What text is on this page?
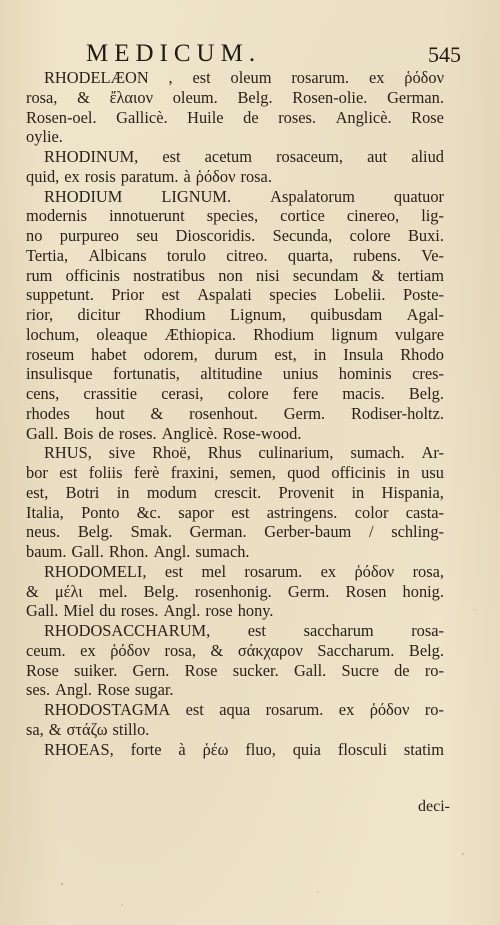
MEDICUM.	545
RHODELÆON , est oleum rosarum. ex ῥόδον
rosa, & ἔλαιον oleum. Belg. Rosen-olie. German.
Rosen-oel. Gallicè. Huile de roses. Anglicè. Rose
oylie.
RHODINUM, est acetum rosaceum, aut aliud
quid, ex rosis paratum. à ῥόδον rosa.
RHODIUM LIGNUM. Aspalatorum quatuor
modernis innotuerunt species, cortice cinereo, lig-
no purpureo seu Dioscoridis. Secunda, colore Buxi.
Tertia, Albicans torulo citreo. quarta, rubens. Ve-
rum officinis nostratibus non nisi secundam & tertiam
suppetunt. Prior est Aspalati species Lobelii. Poste-
rior, dicitur Rhodium Lignum, quibusdam Agal-
lochum, oleaque Æthiopica. Rhodium lignum vulgare
roseum habet odorem, durum est, in Insula Rhodo
insulisque fortunatis, altitudine unius hominis cres-
cens, crassitie cerasi, colore fere macis. Belg.
rhodes hout & rosenhout. Germ. Rodiser-holtz.
Gall. Bois de roses. Anglicè. Rose-wood.
RHUS, sive Rhoë, Rhus culinarium, sumach. Ar-
bor est foliis ferè fraxini, semen, quod officinis in usu
est, Botri in modum crescit. Provenit in Hispania,
Italia, Ponto &c. sapor est astringens. color casta-
neus. Belg. Smak. German. Gerber-baum / schling-
baum. Gall. Rhon. Angl. sumach.
RHODOMELI, est mel rosarum. ex ῥόδον rosa,
& μέλι mel. Belg. rosenhonig. Germ. Rosen honig.
Gall. Miel du roses. Angl. rose hony.
RHODOSACCHARUM, est saccharum rosa-
ceum. ex ῥόδον rosa, & σάκχαρον Saccharum. Belg.
Rose suiker. Gern. Rose sucker. Gall. Sucre de ro-
ses. Angl. Rose sugar.
RHODOSTAGMA est aqua rosarum. ex ῥόδον ro-
sa, & στάζω stillo.
RHOEAS, forte à ῥέω fluo, quia flosculi statim
deci-
